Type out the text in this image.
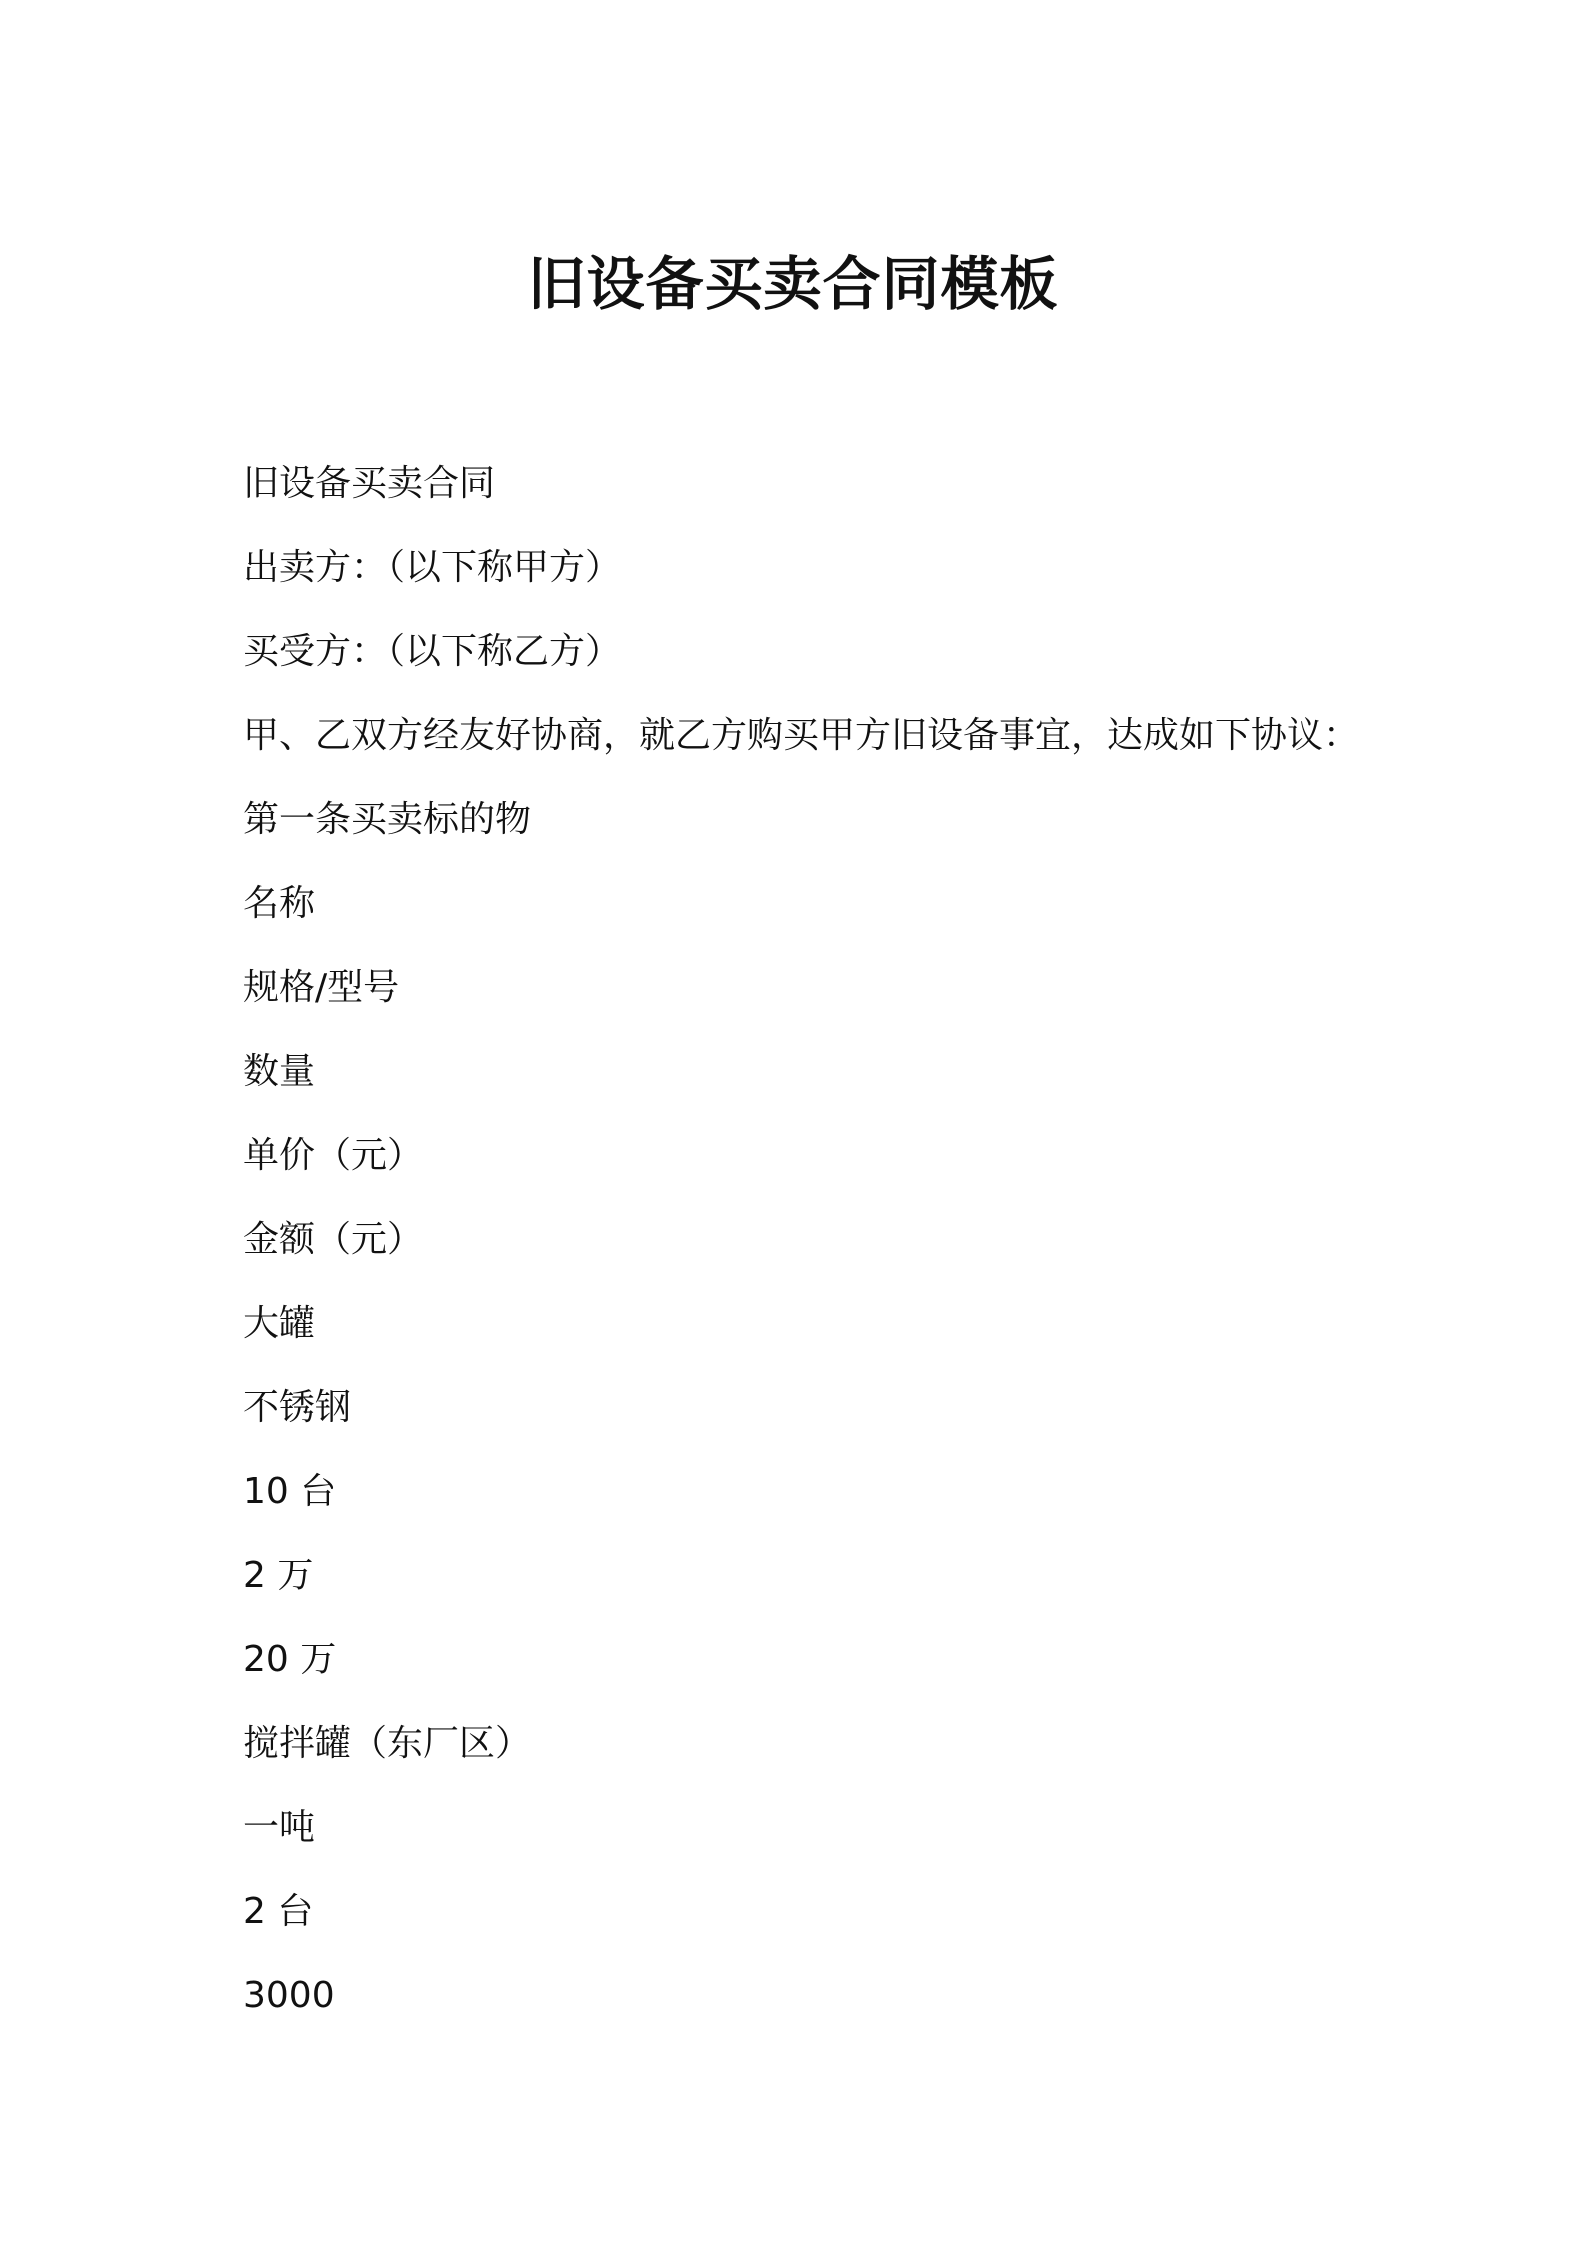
旧设备买卖合同模板
旧设备买卖合同
出卖方：（以下称甲方）
买受方：（以下称乙方）
甲、乙双方经友好协商，就乙方购买甲方旧设备事宜，达成如下协议：
第一条买卖标的物
名称
规格/型号
数量
单价（元）
金额（元）
大罐
不锈钢
10 台
2 万
20 万
搅拌罐（东厂区）
一吨
2 台
3000
